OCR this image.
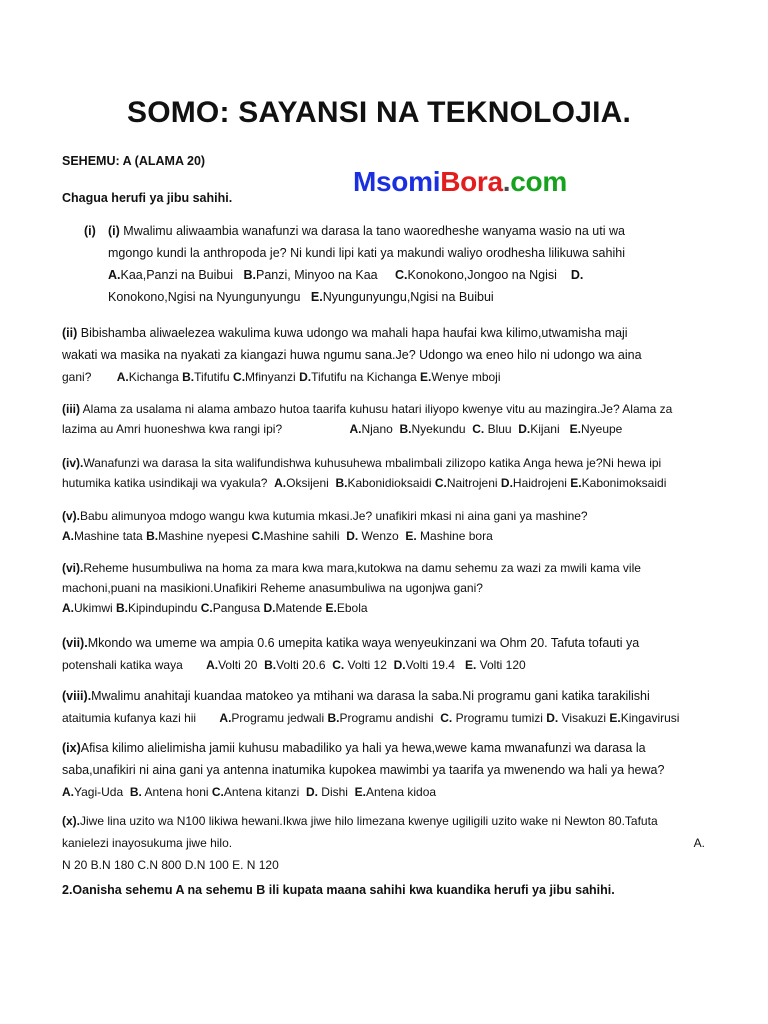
SOMO: SAYANSI NA TEKNOLOJIA.
SEHEMU: A (ALAMA 20)
Chagua herufi ya jibu sahihi.
MsomiBora.com
(i) (i) Mwalimu aliwaambia wanafunzi wa darasa la tano waoredheshe wanyama wasio na uti wa
mgongo kundi la anthropoda je? Ni kundi lipi kati ya makundi waliyo orodhesha lilikuwa sahihi
A.Kaa,Panzi na Buibui B.Panzi, Minyoo na Kaa C.Konokono,Jongoo na Ngisi D.
Konokono,Ngisi na Nyungunyungu E.Nyungunyungu,Ngisi na Buibui
(ii) Bibishamba aliwaelezea wakulima kuwa udongo wa mahali hapa haufai kwa kilimo,utwamisha maji
wakati wa masika na nyakati za kiangazi huwa ngumu sana.Je? Udongo wa eneo hilo ni udongo wa aina
gani? A.Kichanga B.Tifutifu C.Mfinyanzi D.Tifutifu na Kichanga E.Wenye mboji
(iii) Alama za usalama ni alama ambazo hutoa taarifa kuhusu hatari iliyopo kwenye vitu au mazingira.Je? Alama za
lazima au Amri huoneshwa kwa rangi ipi?	A.Njano B.Nyekundu C. Bluu D.Kijani E.Nyeupe
(iv).Wanafunzi wa darasa la sita walifundishwa kuhusuhewa mbalimbali zilizopo katika Anga hewa je?Ni hewa ipi
hutumika katika usindikaji wa vyakula? A.Oksijeni B.Kabonidioksaidi C.Naitrojeni D.Haidrojeni E.Kabonimoksaidi
(v).Babu alimunyoa mdogo wangu kwa kutumia mkasi.Je? unafikiri mkasi ni aina gani ya mashine?
A.Mashine tata B.Mashine nyepesi C.Mashine sahili D. Wenzo E. Mashine bora
(vi).Reheme husumbuliwa na homa za mara kwa mara,kutokwa na damu sehemu za wazi za mwili kama vile
machoni,puani na masikioni.Unafikiri Reheme anasumbuliwa na ugonjwa gani?
A.Ukimwi B.Kipindupindu C.Pangusa D.Matende E.Ebola
(vii).Mkondo wa umeme wa ampia 0.6 umepita katika waya wenyeukinzani wa Ohm 20. Tafuta tofauti ya
potenshali katika waya A.Volti 20 B.Volti 20.6 C. Volti 12 D.Volti 19.4 E. Volti 120
(viii).Mwalimu anahitaji kuandaa matokeo ya mtihani wa darasa la saba.Ni programu gani katika tarakilishi
ataitumia kufanya kazi hii A.Programu jedwali B.Programu andishi C. Programu tumizi D. Visakuzi E.Kingavirusi
(ix)Afisa kilimo alielimisha jamii kuhusu mabadiliko ya hali ya hewa,wewe kama mwanafunzi wa darasa la
saba,unafikiri ni aina gani ya antenna inatumika kupokea mawimbi ya taarifa ya mwenendo wa hali ya hewa?
A.Yagi-Uda B. Antena honi C.Antena kitanzi D. Dishi E.Antena kidoa
(x).Jiwe lina uzito wa N100 likiwa hewani.Ikwa jiwe hilo limezana kwenye ugiligili uzito wake ni Newton 80.Tafuta
kanielezi inayosukuma jiwe hilo.	A.
N 20 B.N 180 C.N 800 D.N 100 E. N 120
2.Oanisha sehemu A na sehemu B ili kupata maana sahihi kwa kuandika herufi ya jibu sahihi.
